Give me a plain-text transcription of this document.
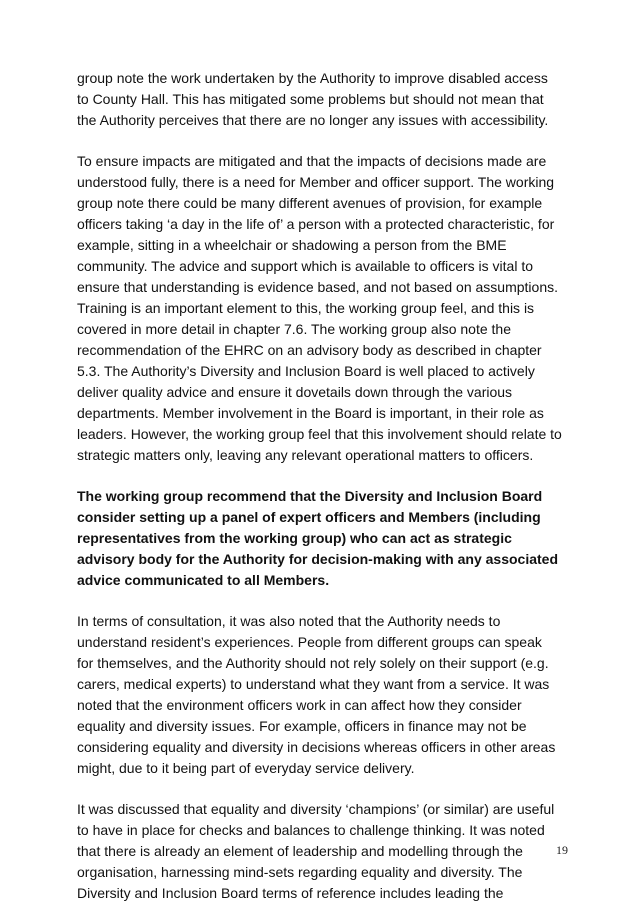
group note the work undertaken by the Authority to improve disabled access
to County Hall. This has mitigated some problems but should not mean that
the Authority perceives that there are no longer any issues with accessibility.
To ensure impacts are mitigated and that the impacts of decisions made are
understood fully, there is a need for Member and officer support. The working
group note there could be many different avenues of provision, for example
officers taking ‘a day in the life of’ a person with a protected characteristic, for
example, sitting in a wheelchair or shadowing a person from the BME
community. The advice and support which is available to officers is vital to
ensure that understanding is evidence based, and not based on assumptions.
Training is an important element to this, the working group feel, and this is
covered in more detail in chapter 7.6. The working group also note the
recommendation of the EHRC on an advisory body as described in chapter
5.3. The Authority’s Diversity and Inclusion Board is well placed to actively
deliver quality advice and ensure it dovetails down through the various
departments. Member involvement in the Board is important, in their role as
leaders. However, the working group feel that this involvement should relate to
strategic matters only, leaving any relevant operational matters to officers.
The working group recommend that the Diversity and Inclusion Board
consider setting up a panel of expert officers and Members (including
representatives from the working group) who can act as strategic
advisory body for the Authority for decision-making with any associated
advice communicated to all Members.
In terms of consultation, it was also noted that the Authority needs to
understand resident’s experiences. People from different groups can speak
for themselves, and the Authority should not rely solely on their support (e.g.
carers, medical experts) to understand what they want from a service. It was
noted that the environment officers work in can affect how they consider
equality and diversity issues. For example, officers in finance may not be
considering equality and diversity in decisions whereas officers in other areas
might, due to it being part of everyday service delivery.
It was discussed that equality and diversity ‘champions’ (or similar) are useful
to have in place for checks and balances to challenge thinking. It was noted
that there is already an element of leadership and modelling through the
organisation, harnessing mind-sets regarding equality and diversity. The
Diversity and Inclusion Board terms of reference includes leading the
19
